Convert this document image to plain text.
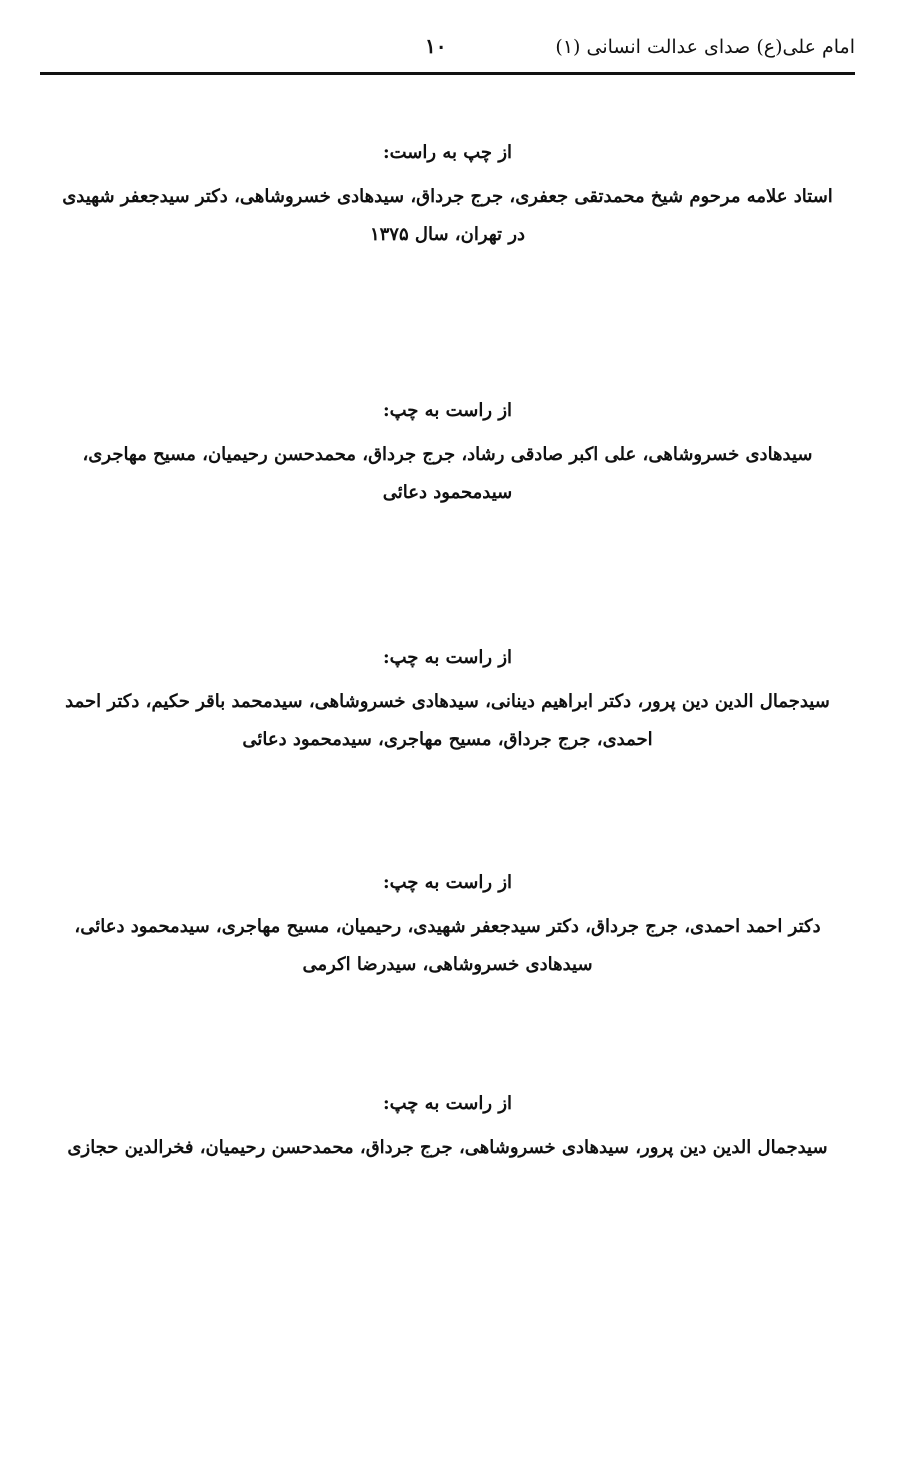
امام علی(ع) صدای عدالت انسانی (۱)
۱۰
از چپ به راست:
استاد علامه مرحوم شیخ محمدتقی جعفری، جرج جرداق، سیدهادی خسروشاهی، دکتر سیدجعفر شهیدی در تهران، سال ۱۳۷۵
از راست به چپ:
سیدهادی خسروشاهی، علی اکبر صادقی رشاد، جرج جرداق، محمدحسن رحیمیان، مسیح مهاجری، سیدمحمود دعائی
از راست به چپ:
سیدجمال الدین دین پرور، دکتر ابراهیم دینانی، سیدهادی خسروشاهی، سیدمحمد باقر حکیم، دکتر احمد احمدی، جرج جرداق، مسیح مهاجری، سیدمحمود دعائی
از راست به چپ:
دکتر احمد احمدی، جرج جرداق، دکتر سیدجعفر شهیدی، رحیمیان، مسیح مهاجری، سیدمحمود دعائی، سیدهادی خسروشاهی، سیدرضا اکرمی
از راست به چپ:
سیدجمال الدین دین پرور، سیدهادی خسروشاهی، جرج جرداق، محمدحسن رحیمیان، فخرالدین حجازی
